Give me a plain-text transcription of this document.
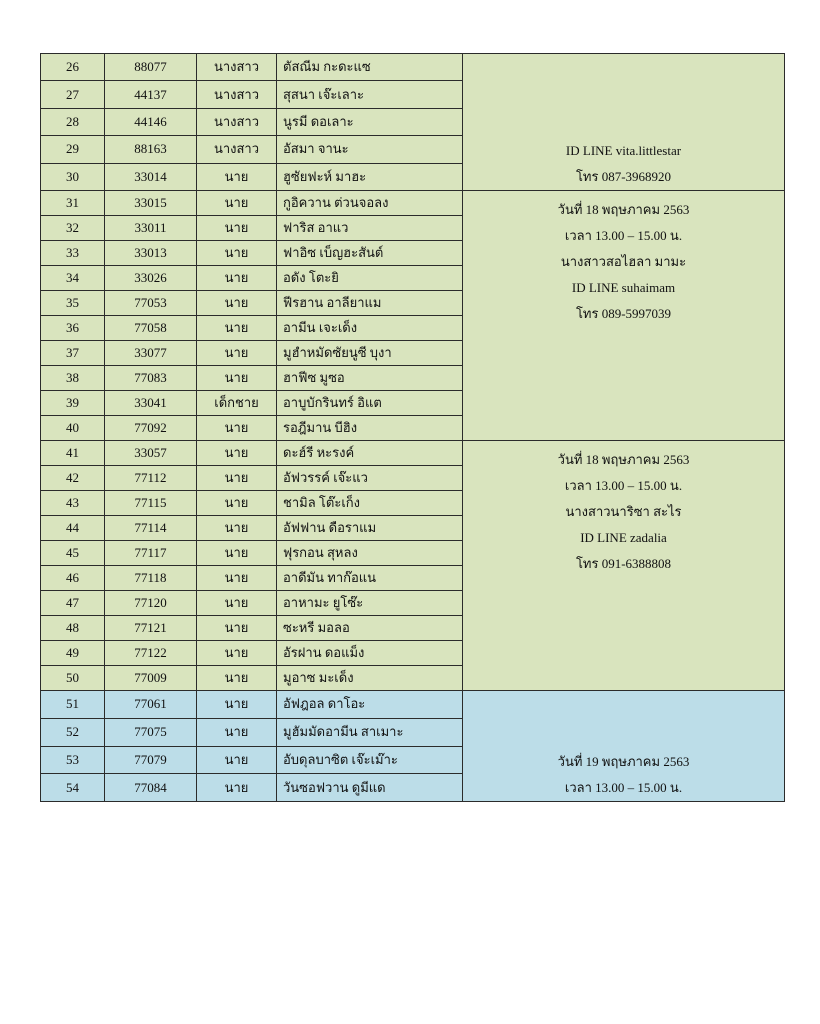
26	88077	นางสาว	ตัสณีม กะดะแซ	ID LINE vita.littlestar
โทร 087-3968920

27	44137	นางสาว	สุสนา เจ๊ะเลาะ	
28	44146	นางสาว	นูรมี ดอเลาะ	
29	88163	นางสาว	อัสมา จานะ	
30	33014	นาย	ฮูซัยฟะห์ มาฮะ	
31	33015	นาย	กูอิควาน ต่วนจอลง	วันที่ 18 พฤษภาคม 2563
เวลา 13.00 – 15.00 น.
นางสาวสอไฮลา มามะ
ID LINE suhaimam
โทร 089-5997039

32	33011	นาย	ฟาริส อาแว	
33	33013	นาย	ฟาอิซ เบ็ญฮะสันต์	
34	33026	นาย	อดัง โตะยิ	
35	77053	นาย	ฟีรฮาน อาลียาแม	
36	77058	นาย	อามีน เจะเด็ง	
37	33077	นาย	มูฮำหมัดซัยนูซี บุงา	
38	77083	นาย	ฮาฟีซ มูซอ	
39	33041	เด็กชาย	อาบูบักรินทร์ อิแต	
40	77092	นาย	รอฎีมาน บีฮิง	
41	33057	นาย	ดะฮ์รี หะรงค์	วันที่ 18 พฤษภาคม 2563
เวลา 13.00 – 15.00 น.
นางสาวนาริซา สะไร
ID LINE zadalia
โทร 091-6388808

42	77112	นาย	อัฟวรรค์ เจ๊ะแว	
43	77115	นาย	ชามิล โต๊ะเก็ง	
44	77114	นาย	อัฟฟาน ดือราแม	
45	77117	นาย	ฟุรกอน สุหลง	
46	77118	นาย	อาดีมัน ทาก๊อแน	
47	77120	นาย	อาหามะ ยูโซ๊ะ	
48	77121	นาย	ซะหรี มอลอ	
49	77122	นาย	อัรฝาน ดอแม็ง	
50	77009	นาย	มูอาซ มะเด็ง	
51	77061	นาย	อัฟฎอล ดาโอะ	วันที่ 19 พฤษภาคม 2563
เวลา 13.00 – 15.00 น.

52	77075	นาย	มูฮัมมัดอามีน สาเมาะ	
53	77079	นาย	อับดุลบาซิต เจ๊ะเม๊าะ	
54	77084	นาย	วันซอฟวาน ดูมีแด	
